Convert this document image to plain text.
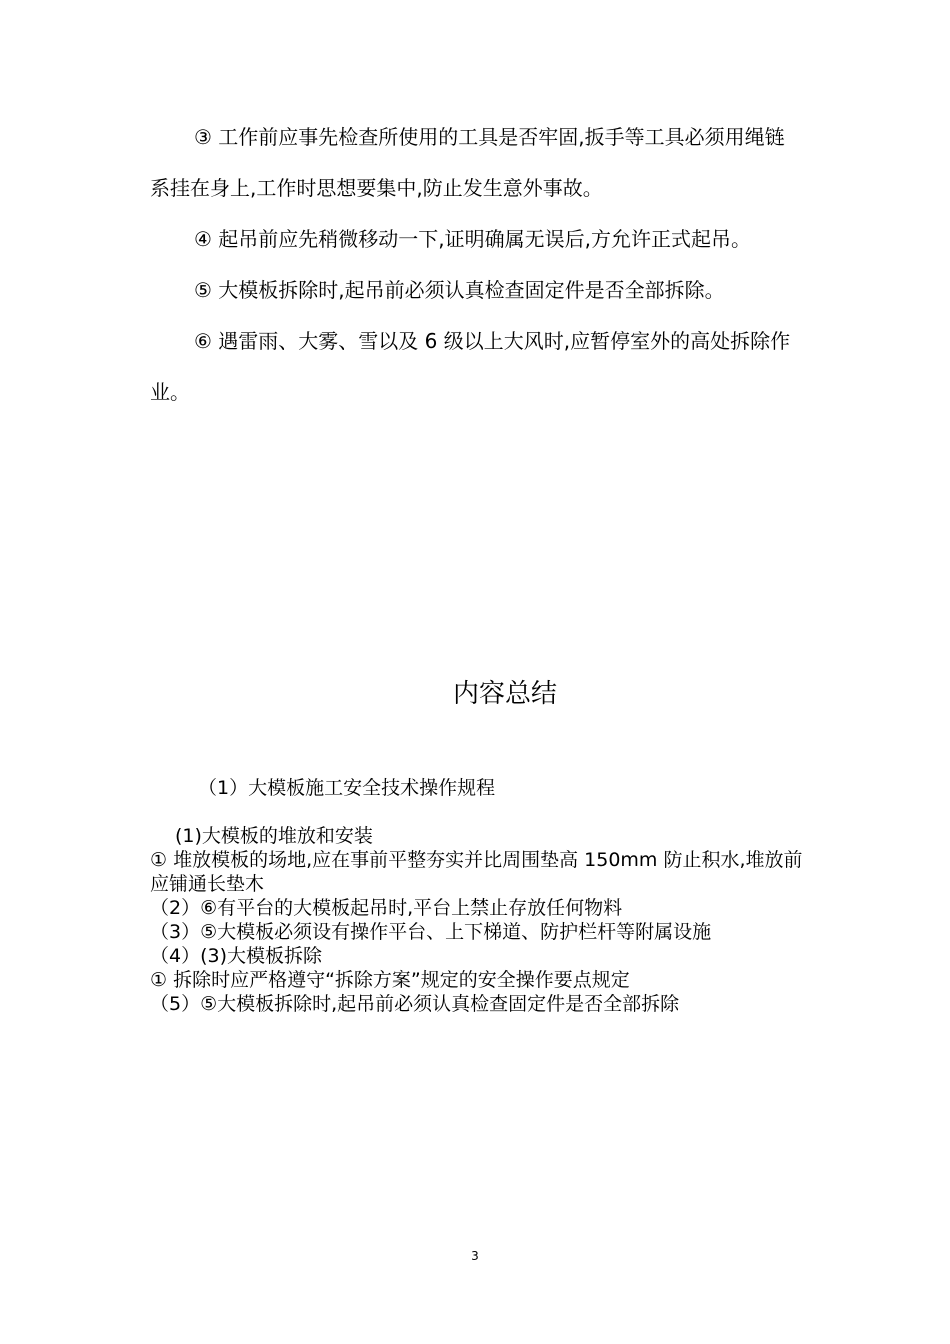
③ 工作前应事先检查所使用的工具是否牢固,扳手等工具必须用绳链系挂在身上,工作时思想要集中,防止发生意外事故。

④ 起吊前应先稍微移动一下,证明确属无误后,方允许正式起吊。

⑤ 大模板拆除时,起吊前必须认真检查固定件是否全部拆除。

⑥ 遇雷雨、大雾、雪以及 6 级以上大风时,应暂停室外的高处拆除作业。

内容总结
（1）大模板施工安全技术操作规程
(1)大模板的堆放和安装
① 堆放模板的场地,应在事前平整夯实并比周围垫高 150mm 防止积水,堆放前应铺通长垫木
（2）⑥有平台的大模板起吊时,平台上禁止存放任何物料
（3）⑤大模板必须设有操作平台、上下梯道、防护栏杆等附属设施
（4）(3)大模板拆除
① 拆除时应严格遵守“拆除方案”规定的安全操作要点规定
（5）⑤大模板拆除时,起吊前必须认真检查固定件是否全部拆除
3
